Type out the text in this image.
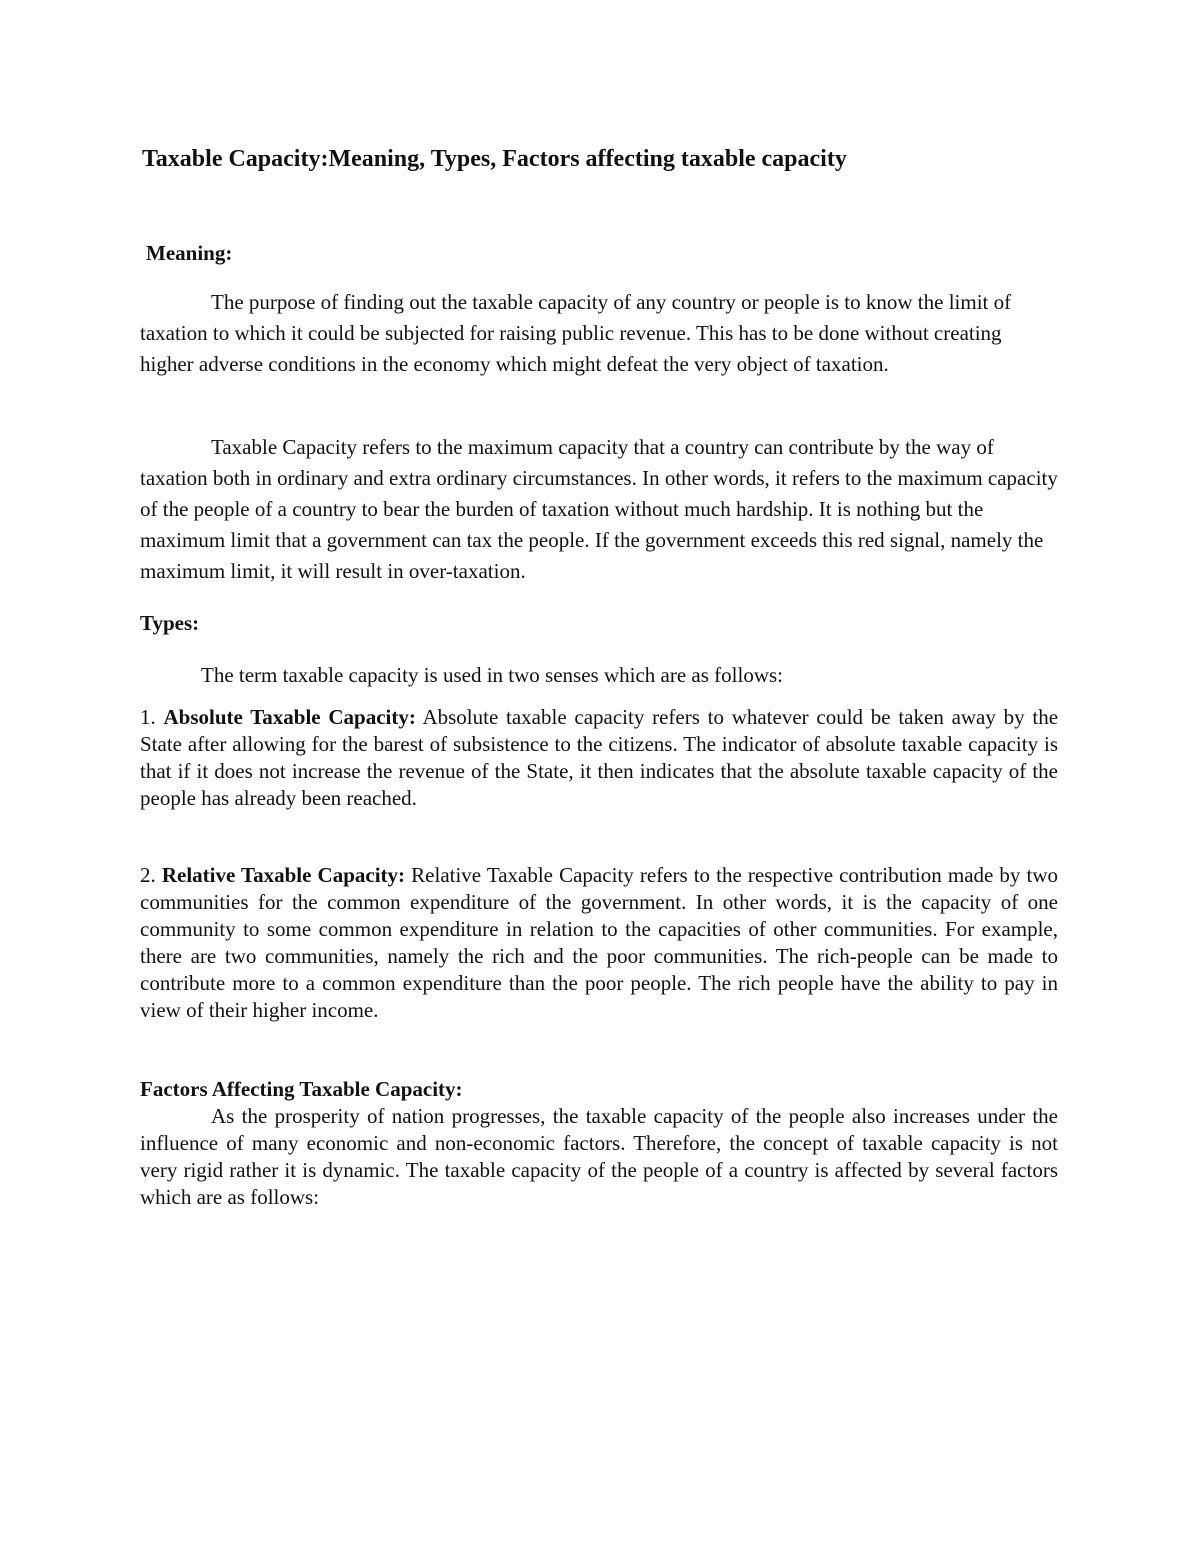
Taxable Capacity:Meaning, Types, Factors affecting taxable capacity
Meaning:

The purpose of finding out the taxable capacity of any country or people is to know the limit of taxation to which it could be subjected for raising public revenue. This has to be done without creating higher adverse conditions in the economy which might defeat the very object of taxation.

Taxable Capacity refers to the maximum capacity that a country can contribute by the way of taxation both in ordinary and extra ordinary circumstances. In other words, it refers to the maximum capacity of the people of a country to bear the burden of taxation without much hardship. It is nothing but the maximum limit that a government can tax the people. If the government exceeds this red signal, namely the maximum limit, it will result in over-taxation.

Types:

The term taxable capacity is used in two senses which are as follows:

1. Absolute Taxable Capacity: Absolute taxable capacity refers to whatever could be taken away by the State after allowing for the barest of subsistence to the citizens. The indicator of absolute taxable capacity is that if it does not increase the revenue of the State, it then indicates that the absolute taxable capacity of the people has already been reached.

2. Relative Taxable Capacity: Relative Taxable Capacity refers to the respective contribution made by two communities for the common expenditure of the government. In other words, it is the capacity of one community to some common expenditure in relation to the capacities of other communities. For example, there are two communities, namely the rich and the poor communities. The rich-people can be made to contribute more to a common expenditure than the poor people. The rich people have the ability to pay in view of their higher income.

Factors Affecting Taxable Capacity:

As the prosperity of nation progresses, the taxable capacity of the people also increases under the influence of many economic and non-economic factors. Therefore, the concept of taxable capacity is not very rigid rather it is dynamic. The taxable capacity of the people of a country is affected by several factors which are as follows:
